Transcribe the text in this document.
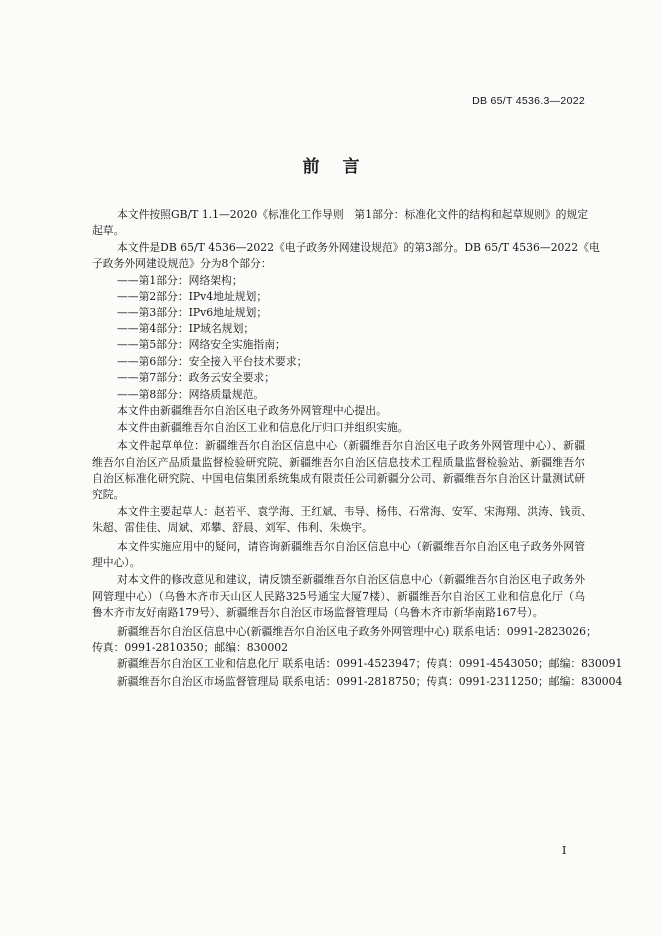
DB 65/T 4536.3—2022
前言
本文件按照GB/T 1.1—2020《标准化工作导则　第1部分：标准化文件的结构和起草规则》的规定
起草。
本文件是DB 65/T 4536—2022《电子政务外网建设规范》的第3部分。DB 65/T 4536—2022《电
子政务外网建设规范》分为8个部分：
——第1部分：网络架构；
——第2部分：IPv4地址规划；
——第3部分：IPv6地址规划；
——第4部分：IP域名规划；
——第5部分：网络安全实施指南；
——第6部分：安全接入平台技术要求；
——第7部分：政务云安全要求；
——第8部分：网络质量规范。
本文件由新疆维吾尔自治区电子政务外网管理中心提出。
本文件由新疆维吾尔自治区工业和信息化厅归口并组织实施。
本文件起草单位：新疆维吾尔自治区信息中心（新疆维吾尔自治区电子政务外网管理中心）、新疆
维吾尔自治区产品质量监督检验研究院、新疆维吾尔自治区信息技术工程质量监督检验站、新疆维吾尔
自治区标准化研究院、中国电信集团系统集成有限责任公司新疆分公司、新疆维吾尔自治区计量测试研
究院。
本文件主要起草人：赵若平、袁学海、王红斌、韦导、杨伟、石常海、安军、宋海翔、洪涛、钱贡、
朱超、雷佳佳、周斌、邓攀、舒晨、刘军、伟利、朱焕宇。
本文件实施应用中的疑问，请咨询新疆维吾尔自治区信息中心（新疆维吾尔自治区电子政务外网管
理中心）。
对本文件的修改意见和建议，请反馈至新疆维吾尔自治区信息中心（新疆维吾尔自治区电子政务外
网管理中心）（乌鲁木齐市天山区人民路325号通宝大厦7楼）、新疆维吾尔自治区工业和信息化厅（乌
鲁木齐市友好南路179号）、新疆维吾尔自治区市场监督管理局（乌鲁木齐市新华南路167号）。
新疆维吾尔自治区信息中心(新疆维吾尔自治区电子政务外网管理中心) 联系电话：0991-2823026；
传真：0991-2810350；邮编：830002
新疆维吾尔自治区工业和信息化厅 联系电话：0991-4523947；传真：0991-4543050；邮编：830091
新疆维吾尔自治区市场监督管理局 联系电话：0991-2818750；传真：0991-2311250；邮编：830004
I
